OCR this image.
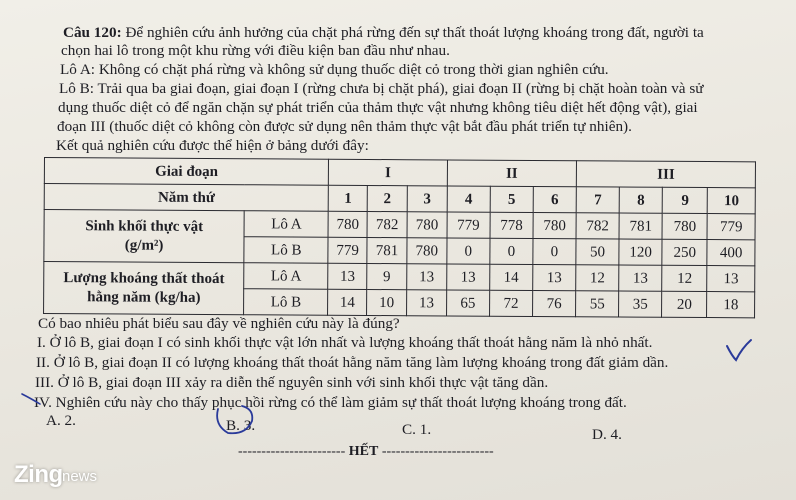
Câu 120: Để nghiên cứu ảnh hưởng của chặt phá rừng đến sự thất thoát lượng khoáng trong đất, người ta
chọn hai lô trong một khu rừng với điều kiện ban đầu như nhau.
Lô A: Không có chặt phá rừng và không sử dụng thuốc diệt cỏ trong thời gian nghiên cứu.
Lô B: Trải qua ba giai đoạn, giai đoạn I (rừng chưa bị chặt phá), giai đoạn II (rừng bị chặt hoàn toàn và sử
dụng thuốc diệt cỏ để ngăn chặn sự phát triển của thảm thực vật nhưng không tiêu diệt hết động vật), giai
đoạn III (thuốc diệt cỏ không còn được sử dụng nên thảm thực vật bắt đầu phát triển tự nhiên).
Kết quả nghiên cứu được thể hiện ở bảng dưới đây:
Giai đoạn		I			II			III			
Năm thứ		1	2	3	4	5	6	7	8	9	10
Sinh khối thực vật
(g/m²)	Lô A	780	782	780	779	778	780	782	781	780	779
	Lô B	779	781	780	0	0	0	50	120	250	400
Lượng khoáng thất thoát
hằng năm (kg/ha)	Lô A	13	9	13	13	14	13	12	13	12	13
	Lô B	14	10	13	65	72	76	55	35	20	18
Có bao nhiêu phát biểu sau đây về nghiên cứu này là đúng?
I. Ở lô B, giai đoạn I có sinh khối thực vật lớn nhất và lượng khoáng thất thoát hằng năm là nhỏ nhất.
II. Ở lô B, giai đoạn II có lượng khoáng thất thoát hằng năm tăng làm lượng khoáng trong đất giảm dần.
III. Ở lô B, giai đoạn III xảy ra diễn thế nguyên sinh với sinh khối thực vật tăng dần.
IV. Nghiên cứu này cho thấy phục hồi rừng có thể làm giảm sự thất thoát lượng khoáng trong đất.
A. 2.	B. 3.	C. 1.	D. 4.
----------------------- HẾT ------------------------
Zing news
